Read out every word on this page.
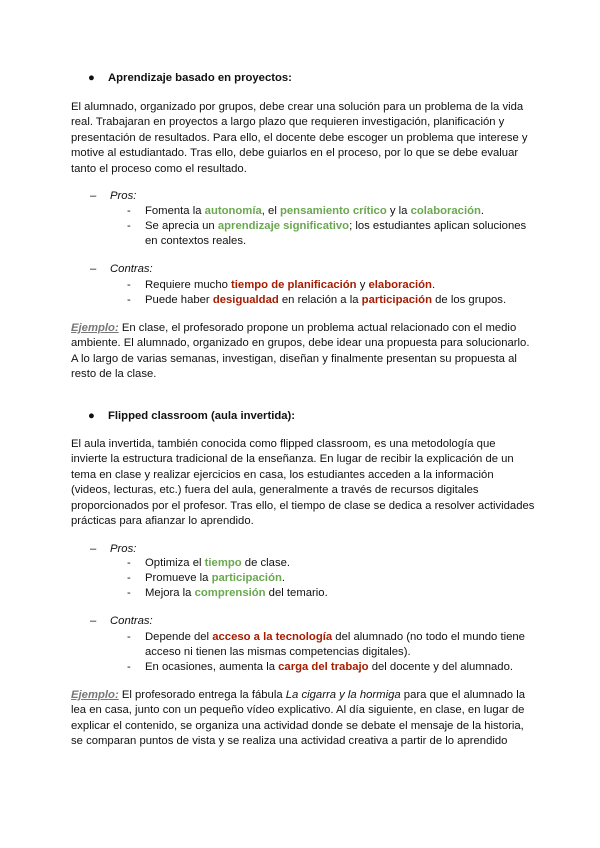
● Aprendizaje basado en proyectos:
El alumnado, organizado por grupos, debe crear una solución para un problema de la vida
real. Trabajaran en proyectos a largo plazo que requieren investigación, planificación y
presentación de resultados. Para ello, el docente debe escoger un problema que interese y
motive al estudiantado. Tras ello, debe guiarlos en el proceso, por lo que se debe evaluar
tanto el proceso como el resultado.
– Pros:
- Fomenta la autonomía, el pensamiento crítico y la colaboración.
- Se aprecia un aprendizaje significativo; los estudiantes aplican soluciones
en contextos reales.
– Contras:
- Requiere mucho tiempo de planificación y elaboración.
- Puede haber desigualdad en relación a la participación de los grupos.
Ejemplo: En clase, el profesorado propone un problema actual relacionado con el medio
ambiente. El alumnado, organizado en grupos, debe idear una propuesta para solucionarlo.
A lo largo de varias semanas, investigan, diseñan y finalmente presentan su propuesta al
resto de la clase.
● Flipped classroom (aula invertida):
El aula invertida, también conocida como flipped classroom, es una metodología que
invierte la estructura tradicional de la enseñanza. En lugar de recibir la explicación de un
tema en clase y realizar ejercicios en casa, los estudiantes acceden a la información
(videos, lecturas, etc.) fuera del aula, generalmente a través de recursos digitales
proporcionados por el profesor. Tras ello, el tiempo de clase se dedica a resolver actividades
prácticas para afianzar lo aprendido.
– Pros:
- Optimiza el tiempo de clase.
- Promueve la participación.
- Mejora la comprensión del temario.
– Contras:
- Depende del acceso a la tecnología del alumnado (no todo el mundo tiene
acceso ni tienen las mismas competencias digitales).
- En ocasiones, aumenta la carga del trabajo del docente y del alumnado.
Ejemplo: El profesorado entrega la fábula La cigarra y la hormiga para que el alumnado la
lea en casa, junto con un pequeño vídeo explicativo. Al día siguiente, en clase, en lugar de
explicar el contenido, se organiza una actividad donde se debate el mensaje de la historia,
se comparan puntos de vista y se realiza una actividad creativa a partir de lo aprendido
